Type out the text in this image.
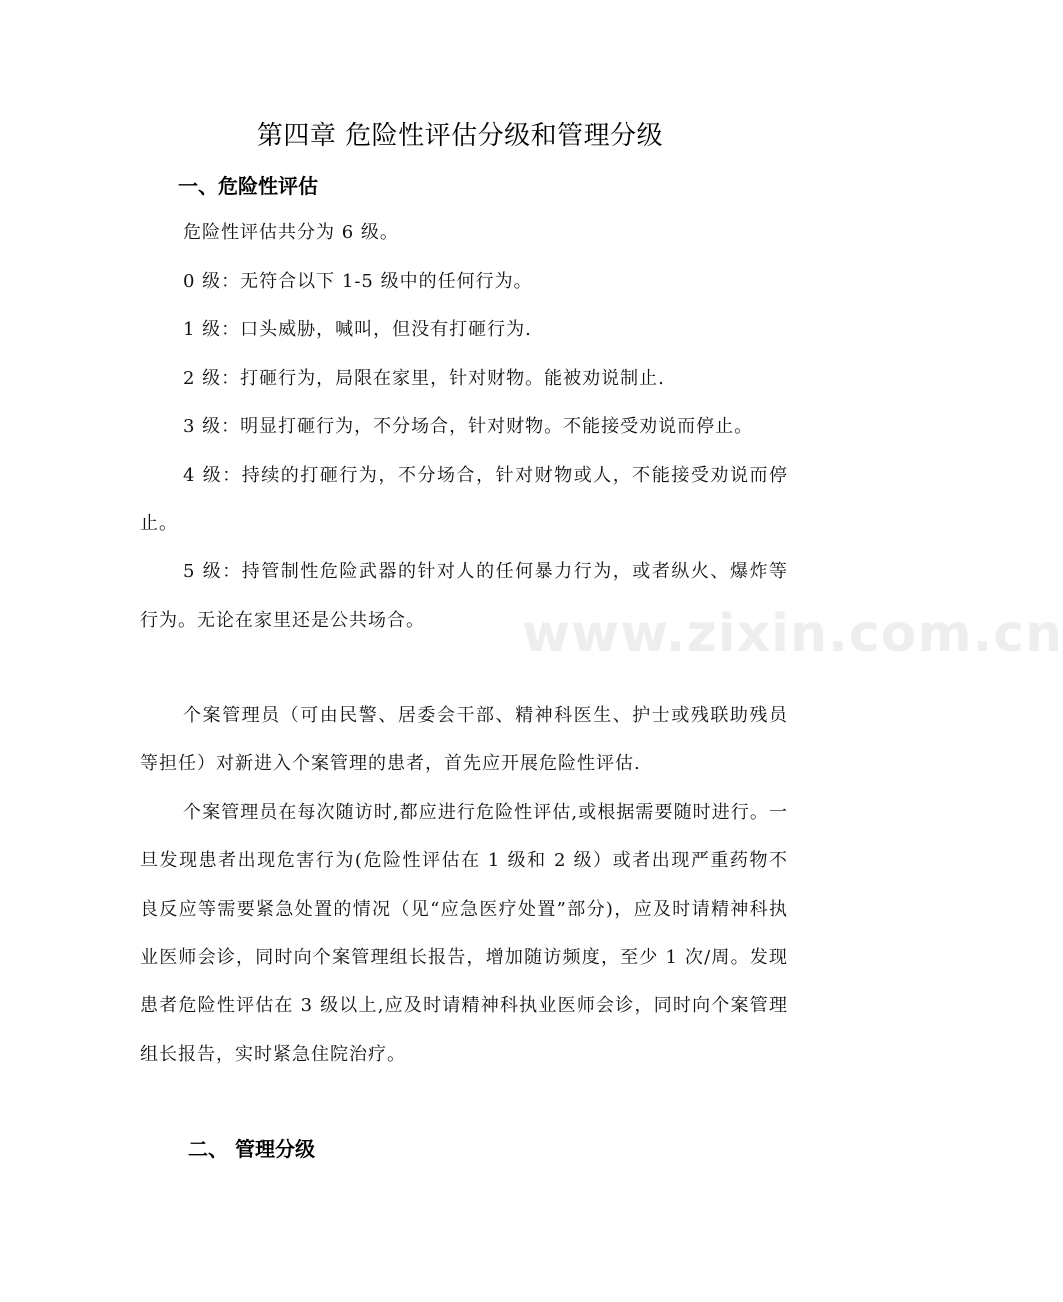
第四章 危险性评估分级和管理分级
一、危险性评估

危险性评估共分为 6 级。

0 级：无符合以下 1-5 级中的任何行为。

1 级：口头威胁，喊叫，但没有打砸行为.

2 级：打砸行为，局限在家里，针对财物。能被劝说制止.

3 级：明显打砸行为，不分场合，针对财物。不能接受劝说而停止。

4 级：持续的打砸行为，不分场合，针对财物或人，不能接受劝说而停止。

5 级：持管制性危险武器的针对人的任何暴力行为，或者纵火、爆炸等行为。无论在家里还是公共场合。

个案管理员（可由民警、居委会干部、精神科医生、护士或残联助残员等担任）对新进入个案管理的患者，首先应开展危险性评估.

个案管理员在每次随访时,都应进行危险性评估,或根据需要随时进行。一旦发现患者出现危害行为(危险性评估在 1 级和 2 级）或者出现严重药物不良反应等需要紧急处置的情况（见“应急医疗处置”部分)，应及时请精神科执业医师会诊，同时向个案管理组长报告，增加随访频度，至少 1 次/周。发现患者危险性评估在 3 级以上,应及时请精神科执业医师会诊，同时向个案管理组长报告，实时紧急住院治疗。

二、 管理分级
www.zixin.com.cn
